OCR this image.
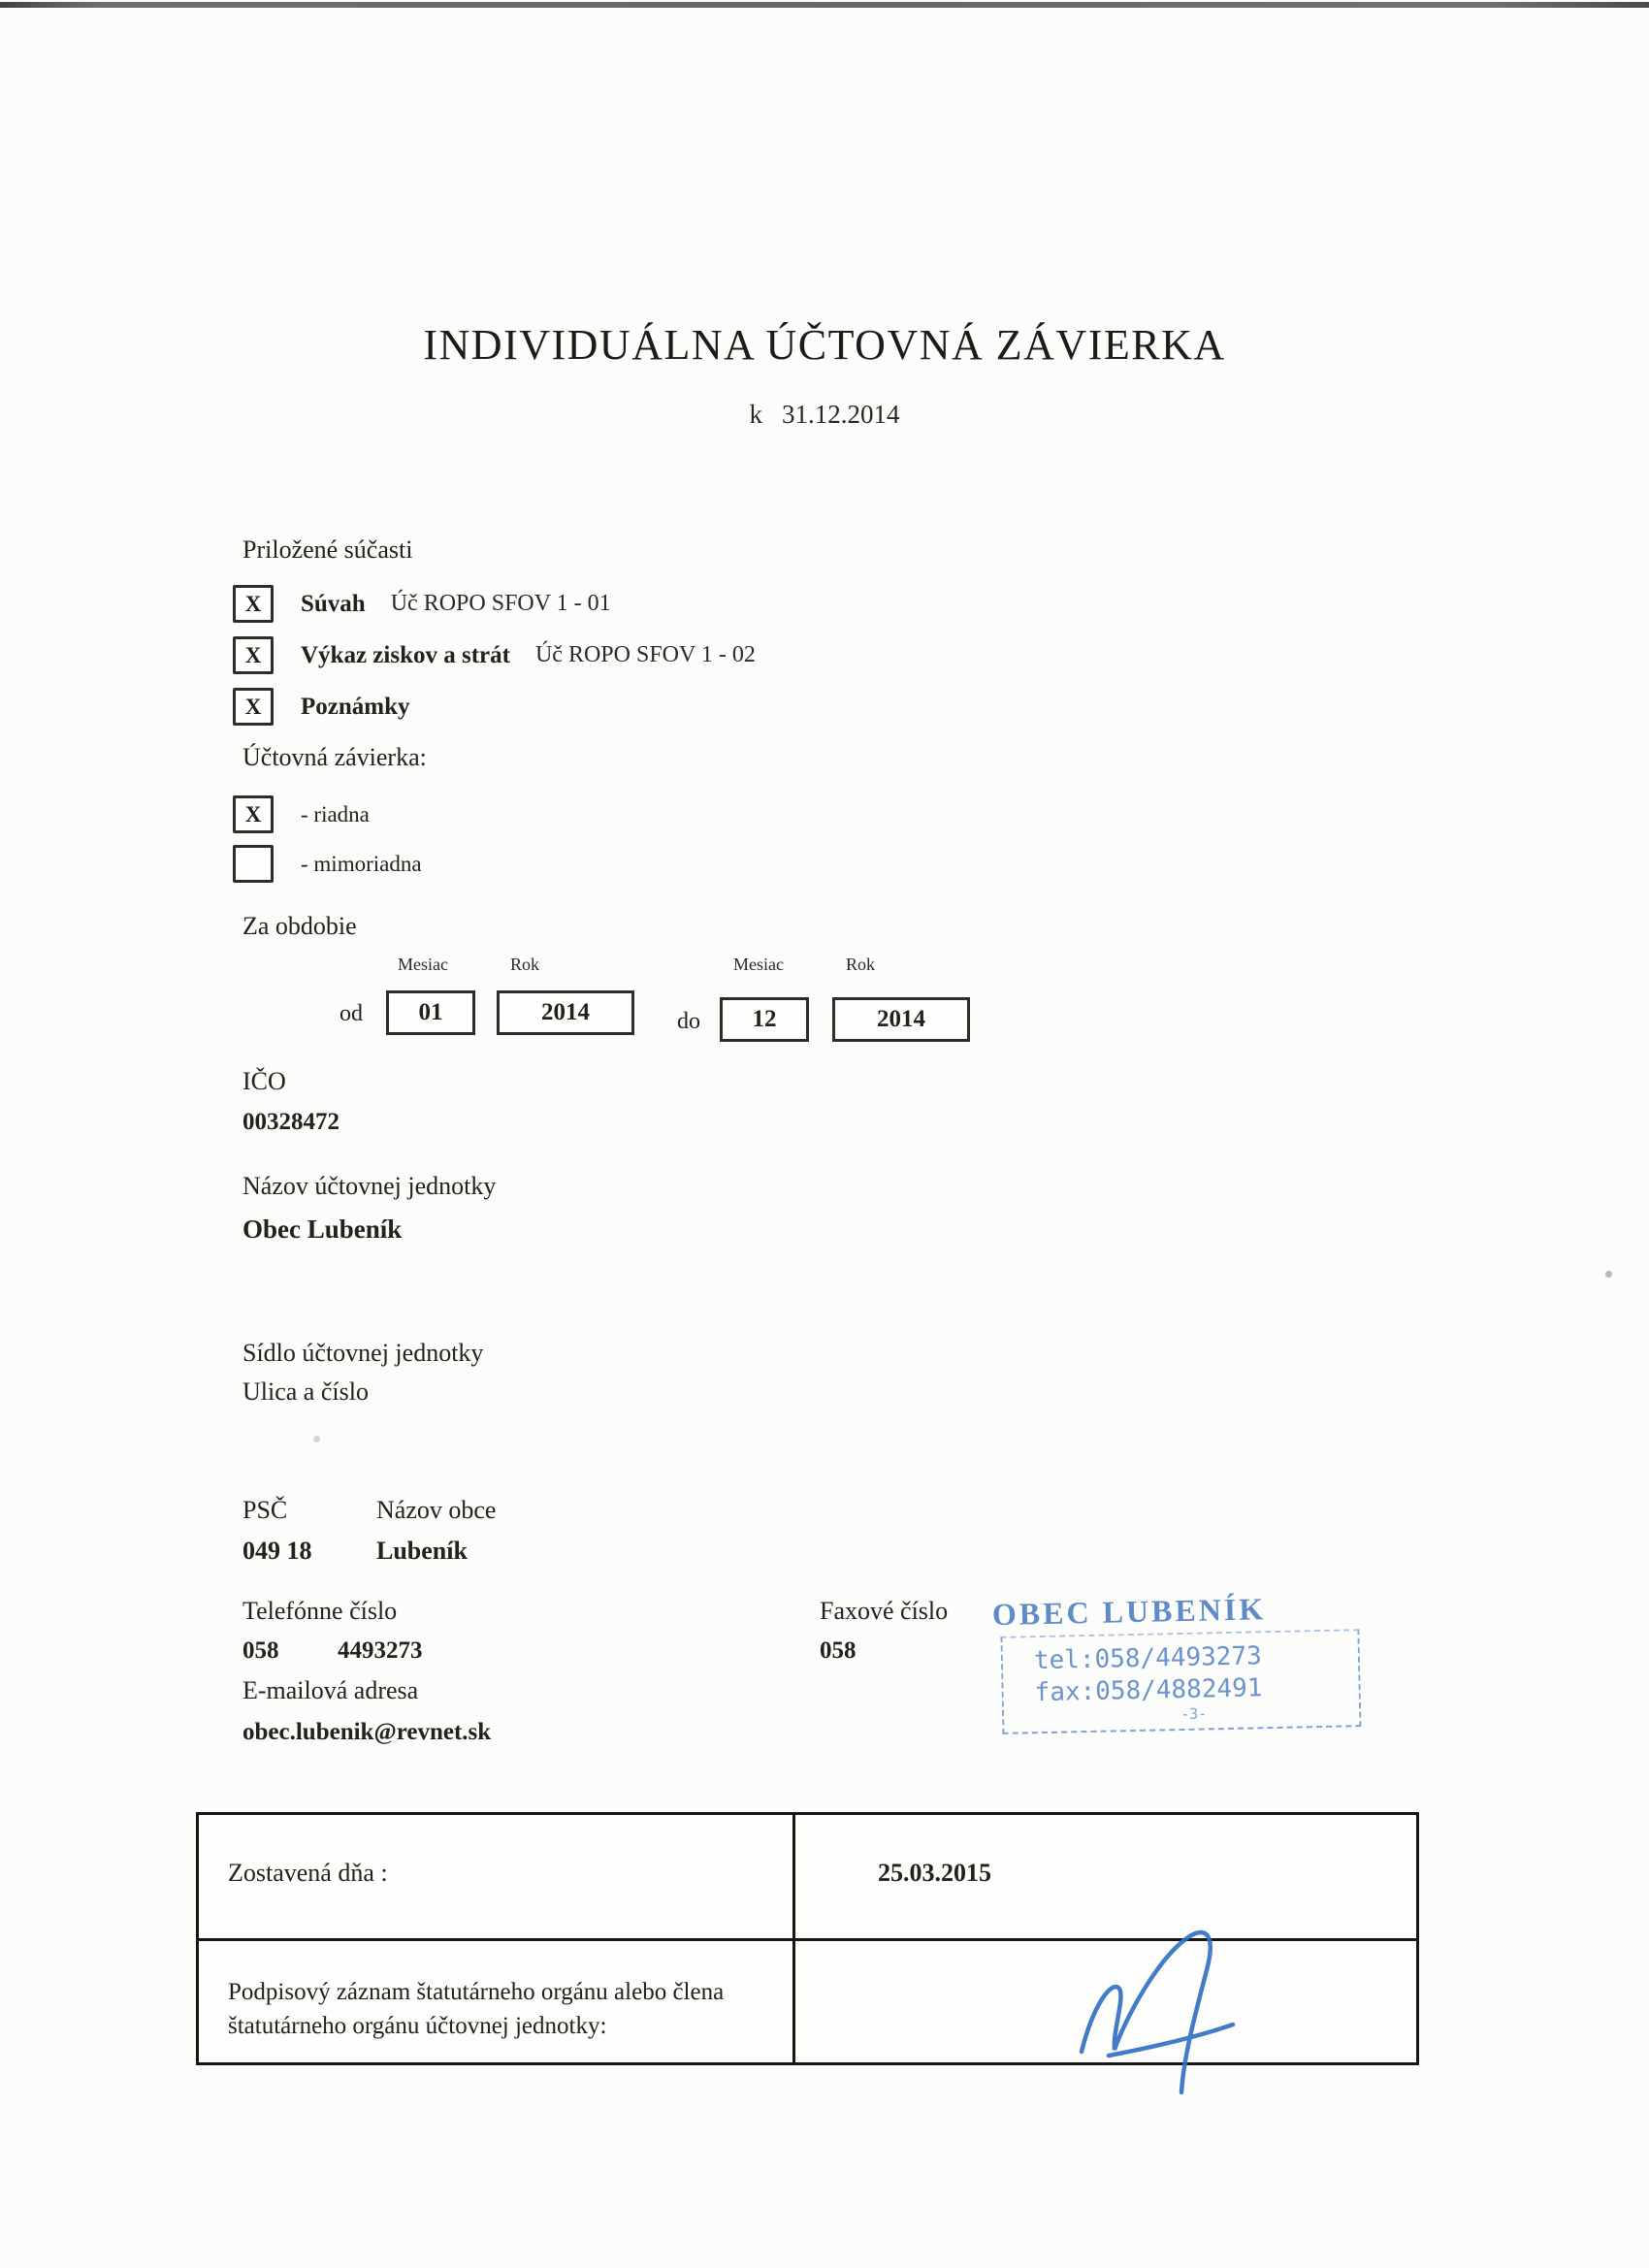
INDIVIDUÁLNA ÚČTOVNÁ ZÁVIERKA
k 31.12.2014
Priložené súčasti
X Súvah Úč ROPO SFOV 1 - 01
X Výkaz ziskov a strát Úč ROPO SFOV 1 - 02
X Poznámky
Účtovná závierka:
X - riadna
- mimoriadna
Za obdobie
Mesiac	Rok	Mesiac	Rok
od 01	2014	do 12	2014
IČO
00328472
Názov účtovnej jednotky
Obec Lubeník
Sídlo účtovnej jednotky
Ulica a číslo
PSČ	Názov obce
049 18	Lubeník
Telefónne číslo	Faxové číslo
058 4493273	058
E-mailová adresa
obec.lubenik@revnet.sk
OBEC LUBENÍK
tel:058/4493273
fax:058/4882491
-3-
Zostavená dňa :	25.03.2015
Podpisový záznam štatutárneho orgánu alebo člena štatutárneho orgánu účtovnej jednotky:
